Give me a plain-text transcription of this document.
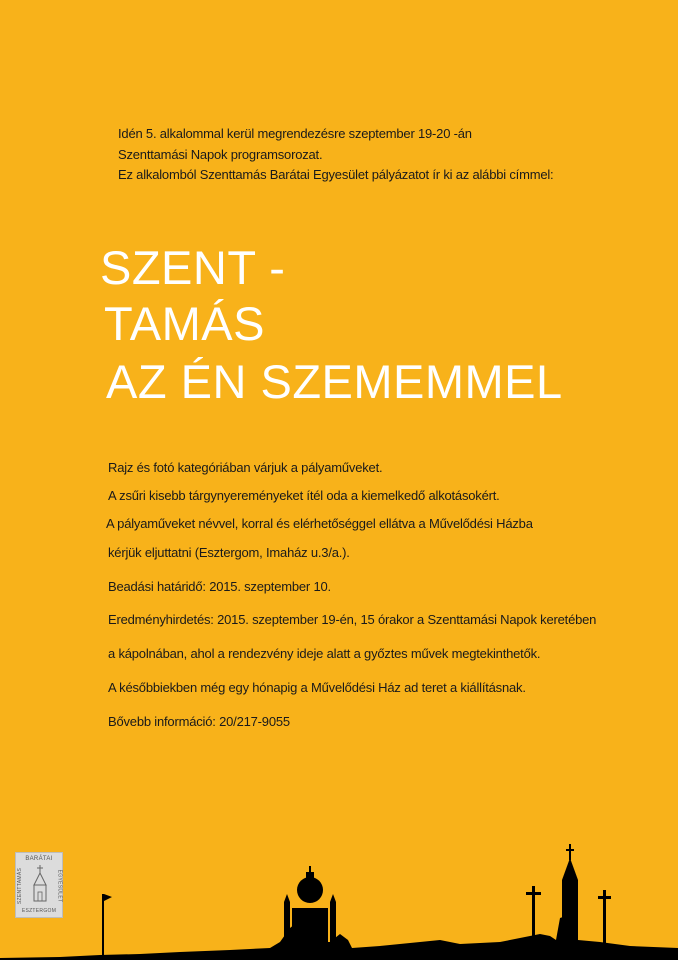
Idén 5. alkalommal kerül megrendezésre szeptember 19-20 -án
Szenttamási Napok programsorozat.
Ez alkalomból Szenttamás Barátai Egyesület pályázatot ír ki az alábbi címmel:
SZENT -
TAMÁS
AZ ÉN SZEMEMMEL
Rajz és fotó kategóriában várjuk a pályaműveket.
A zsűri kisebb tárgynyereményeket ítél oda a kiemelkedő alkotásokért.
A pályaműveket névvel, korral és elérhetőséggel ellátva a Művelődési Házba
kérjük eljuttatni (Esztergom, Imaház u.3/a.).
Beadási határidő: 2015. szeptember 10.
Eredményhirdetés: 2015. szeptember 19-én, 15 órakor a Szenttamási Napok keretében
a kápolnában, ahol a rendezvény ideje alatt a győztes művek megtekinthetők.
A későbbiekben még egy hónapig a Művelődési Ház ad teret a kiállításnak.
Bővebb információ: 20/217-9055
BARÁTAI
SZENTTAMÁS	EGYESÜLET
ESZTERGOM
